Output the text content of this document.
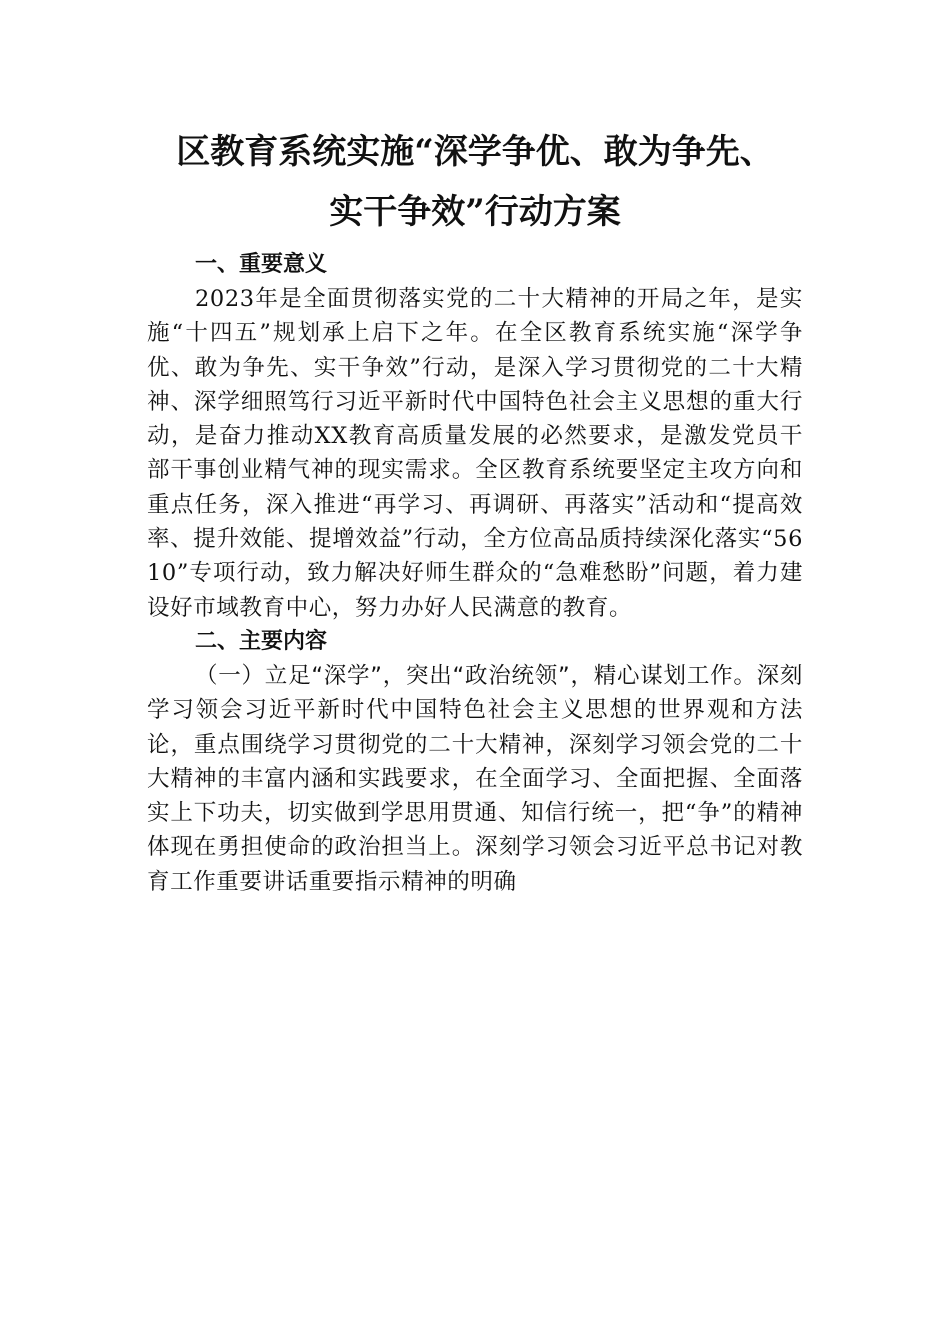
区教育系统实施“深学争优、敢为争先、
实干争效”行动方案
一、重要意义

2023年是全面贯彻落实党的二十大精神的开局之年，是实施“十四五”规划承上启下之年。在全区教育系统实施“深学争优、敢为争先、实干争效”行动，是深入学习贯彻党的二十大精神、深学细照笃行习近平新时代中国特色社会主义思想的重大行动，是奋力推动XX教育高质量发展的必然要求，是激发党员干部干事创业精气神的现实需求。全区教育系统要坚定主攻方向和重点任务，深入推进“再学习、再调研、再落实”活动和“提高效率、提升效能、提增效益”行动，全方位高品质持续深化落实“5610”专项行动，致力解决好师生群众的“急难愁盼”问题，着力建设好市域教育中心，努力办好人民满意的教育。

二、主要内容

（一）立足“深学”，突出“政治统领”，精心谋划工作。深刻学习领会习近平新时代中国特色社会主义思想的世界观和方法论，重点围绕学习贯彻党的二十大精神，深刻学习领会党的二十大精神的丰富内涵和实践要求，在全面学习、全面把握、全面落实上下功夫，切实做到学思用贯通、知信行统一，把“争”的精神体现在勇担使命的政治担当上。深刻学习领会习近平总书记对教育工作重要讲话重要指示精神的明确
